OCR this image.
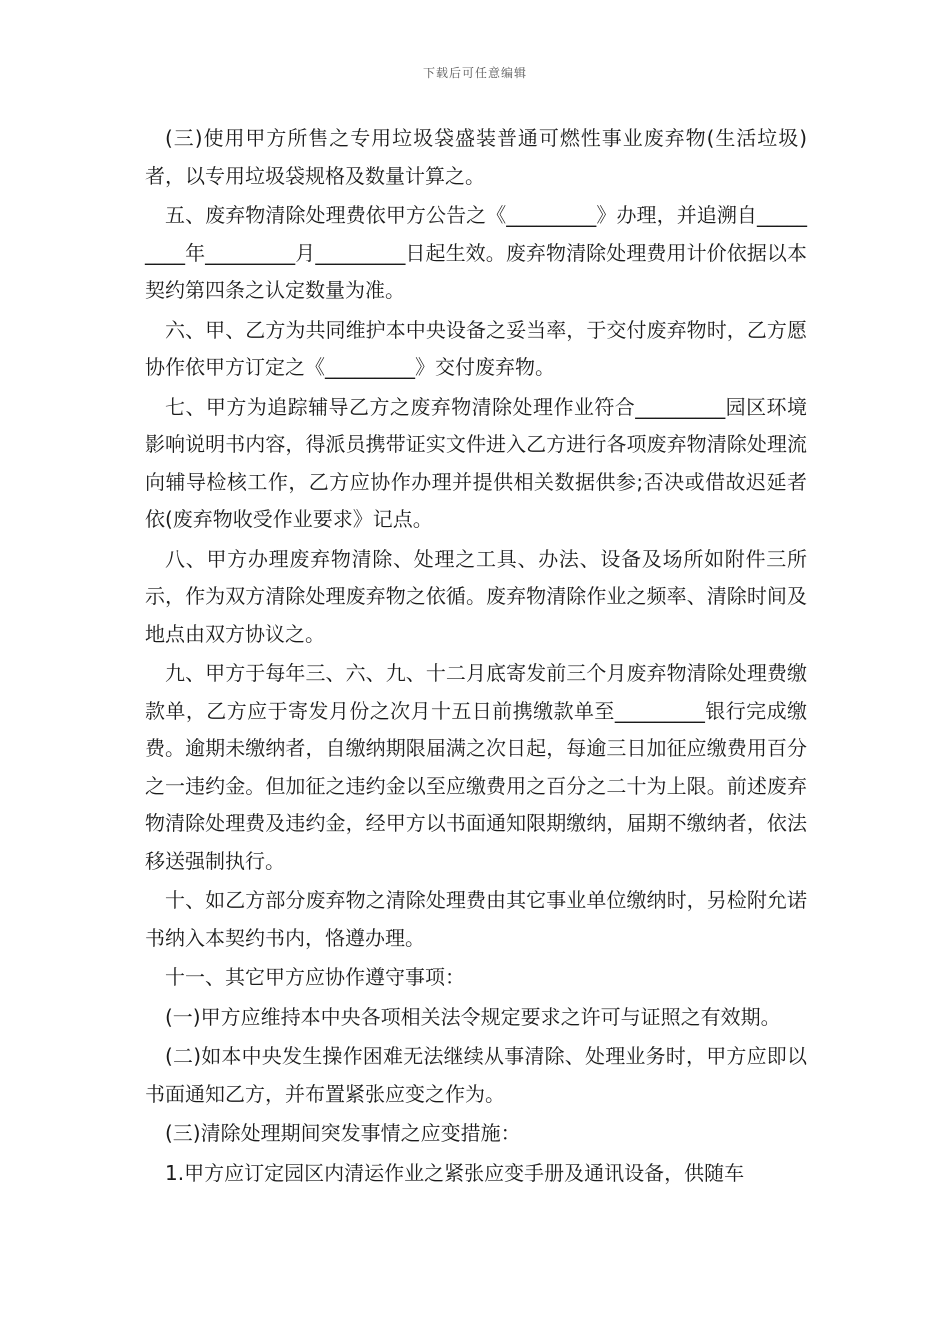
下载后可任意编辑

(三)使用甲方所售之专用垃圾袋盛装普通可燃性事业废弃物(生活垃圾)者，以专用垃圾袋规格及数量计算之。

五、废弃物清除处理费依甲方公告之《_________》办理，并追溯自_________年_________月_________日起生效。废弃物清除处理费用计价依据以本契约第四条之认定数量为准。

六、甲、乙方为共同维护本中央设备之妥当率，于交付废弃物时，乙方愿协作依甲方订定之《_________》交付废弃物。

七、甲方为追踪辅导乙方之废弃物清除处理作业符合_________园区环境影响说明书内容，得派员携带证实文件进入乙方进行各项废弃物清除处理流向辅导检核工作，乙方应协作办理并提供相关数据供参;否决或借故迟延者依(废弃物收受作业要求》记点。

八、甲方办理废弃物清除、处理之工具、办法、设备及场所如附件三所示，作为双方清除处理废弃物之依循。废弃物清除作业之频率、清除时间及地点由双方协议之。

九、甲方于每年三、六、九、十二月底寄发前三个月废弃物清除处理费缴款单，乙方应于寄发月份之次月十五日前携缴款单至_________银行完成缴费。逾期未缴纳者，自缴纳期限届满之次日起，每逾三日加征应缴费用百分之一违约金。但加征之违约金以至应缴费用之百分之二十为上限。前述废弃物清除处理费及违约金，经甲方以书面通知限期缴纳，届期不缴纳者，依法移送强制执行。

十、如乙方部分废弃物之清除处理费由其它事业单位缴纳时，另检附允诺书纳入本契约书内，恪遵办理。

十一、其它甲方应协作遵守事项：

(一)甲方应维持本中央各项相关法令规定要求之许可与证照之有效期。

(二)如本中央发生操作困难无法继续从事清除、处理业务时，甲方应即以书面通知乙方，并布置紧张应变之作为。

(三)清除处理期间突发事情之应变措施：

1.甲方应订定园区内清运作业之紧张应变手册及通讯设备，供随车
